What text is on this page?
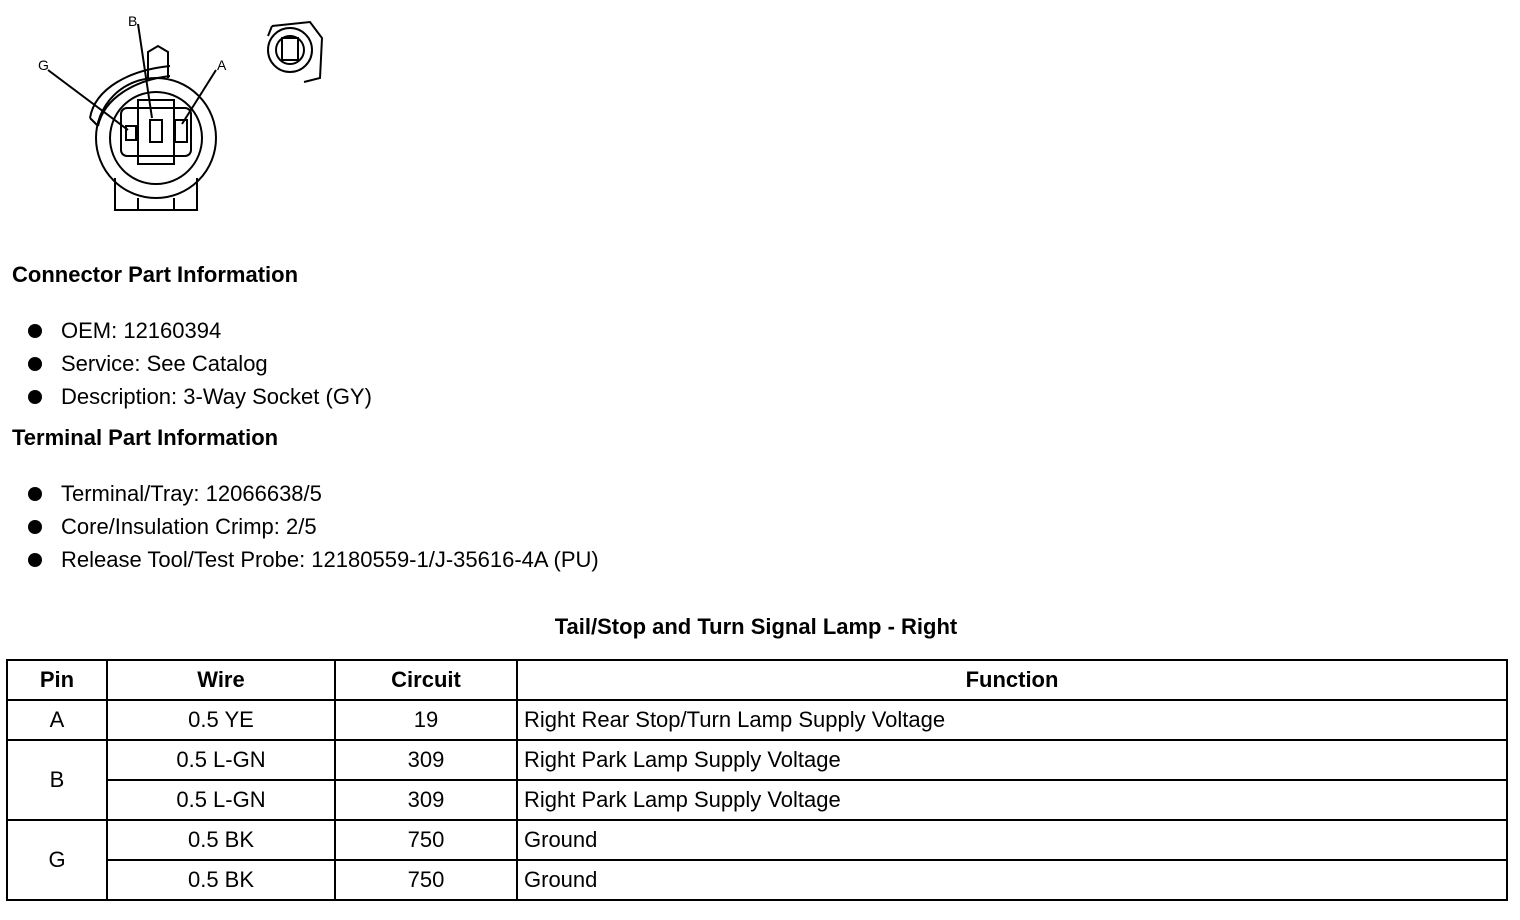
B
G	A
Connector Part Information
OEM: 12160394
Service: See Catalog
Description: 3-Way Socket (GY)
Terminal Part Information
Terminal/Tray: 12066638/5
Core/Insulation Crimp: 2/5
Release Tool/Test Probe: 12180559-1/J-35616-4A (PU)
Tail/Stop and Turn Signal Lamp - Right
Pin	Wire	Circuit	Function
A	0.5 YE	19	Right Rear Stop/Turn Lamp Supply Voltage
B	0.5 L-GN	309	Right Park Lamp Supply Voltage
	0.5 L-GN	309	Right Park Lamp Supply Voltage
G	0.5 BK	750	Ground
	0.5 BK	750	Ground
